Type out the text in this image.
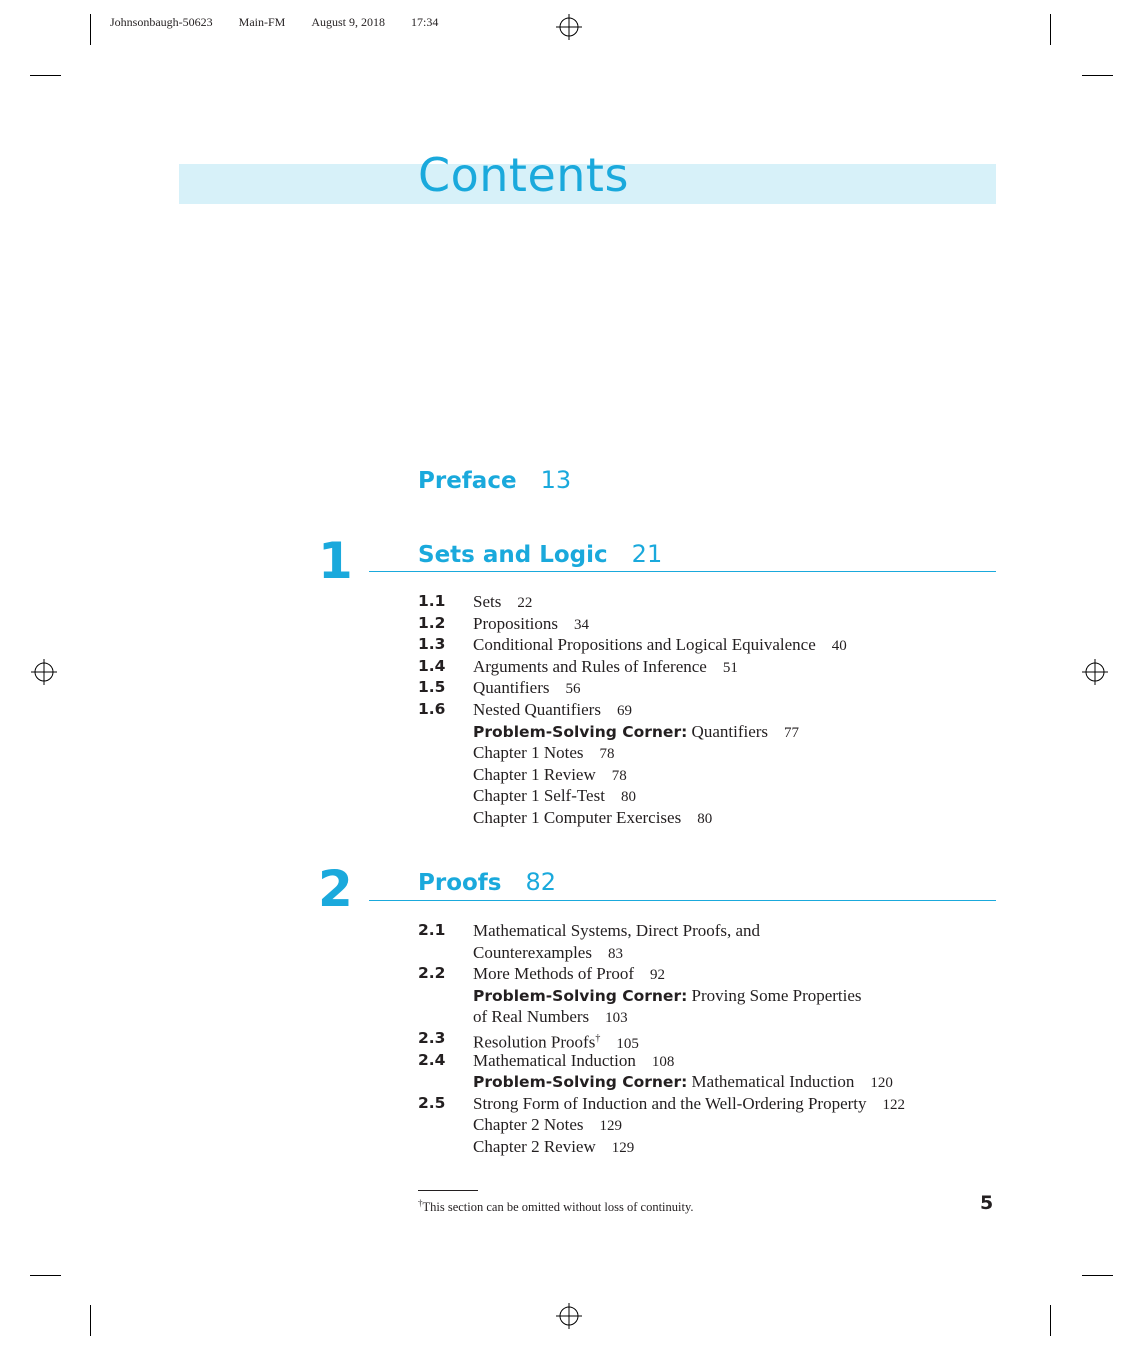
Johnsonbaugh-50623 Main-FM August 9, 2018 17:34

Contents
Preface 13
1	Sets and Logic 21
1.1 Sets 22
1.2 Propositions 34
1.3 Conditional Propositions and Logical Equivalence 40
1.4 Arguments and Rules of Inference 51
1.5 Quantifiers 56
1.6 Nested Quantifiers 69
Problem-Solving Corner: Quantifiers 77
Chapter 1 Notes 78
Chapter 1 Review 78
Chapter 1 Self-Test 80
Chapter 1 Computer Exercises 80
2	Proofs 82
2.1 Mathematical Systems, Direct Proofs, and
Counterexamples 83
2.2 More Methods of Proof 92
Problem-Solving Corner: Proving Some Properties
of Real Numbers 103
2.3 Resolution Proofs† 105
2.4 Mathematical Induction 108
Problem-Solving Corner: Mathematical Induction 120
2.5 Strong Form of Induction and the Well-Ordering Property 122
Chapter 2 Notes 129
Chapter 2 Review 129
†This section can be omitted without loss of continuity.	5
